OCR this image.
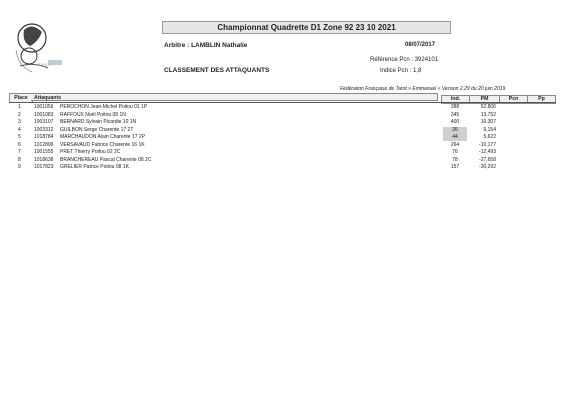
TAROT
Championnat Quadrette D1 Zone 92 23 10 2021
Arbitre : LAMBLIN Nathalie	08/07/2017
Référence Pcn : 3924101
CLASSEMENT DES ATTAQUANTS	Indice Pcn : 1,8
Fédération Française de Tarot » Emmanuel » Version 2.29 du 20 juin 2019
Place	Attaquants	Ind.	PM	Pcn	Pp
1	1001056 PEROCHON Jean-Michel Poitou 01 1P	388	52,806
2	1001083 RAFFOUX Noël Poitou 08 1N	345	13,752
3	1003107 BERNARD Sylvain Picardie 10 1N	400	10,307
4	1003312 GUILBON Serge Charente 17 2T	26	9,154
5	1018784 MARCHAUDON Alain Charente 17 2P	44	5,622
6	1012899 VERSAVAUD Fabrice Charente 16 1K	264	-10,177
7	1001555 PRET Thierry Poitou 02 2C	76	-12,493
8	1018638 BRANCHEREAU Pascal Charente 08 2C	78	-27,658
9	1017823 GRELIER Patrice Poitou 08 1K	157	-30,292
